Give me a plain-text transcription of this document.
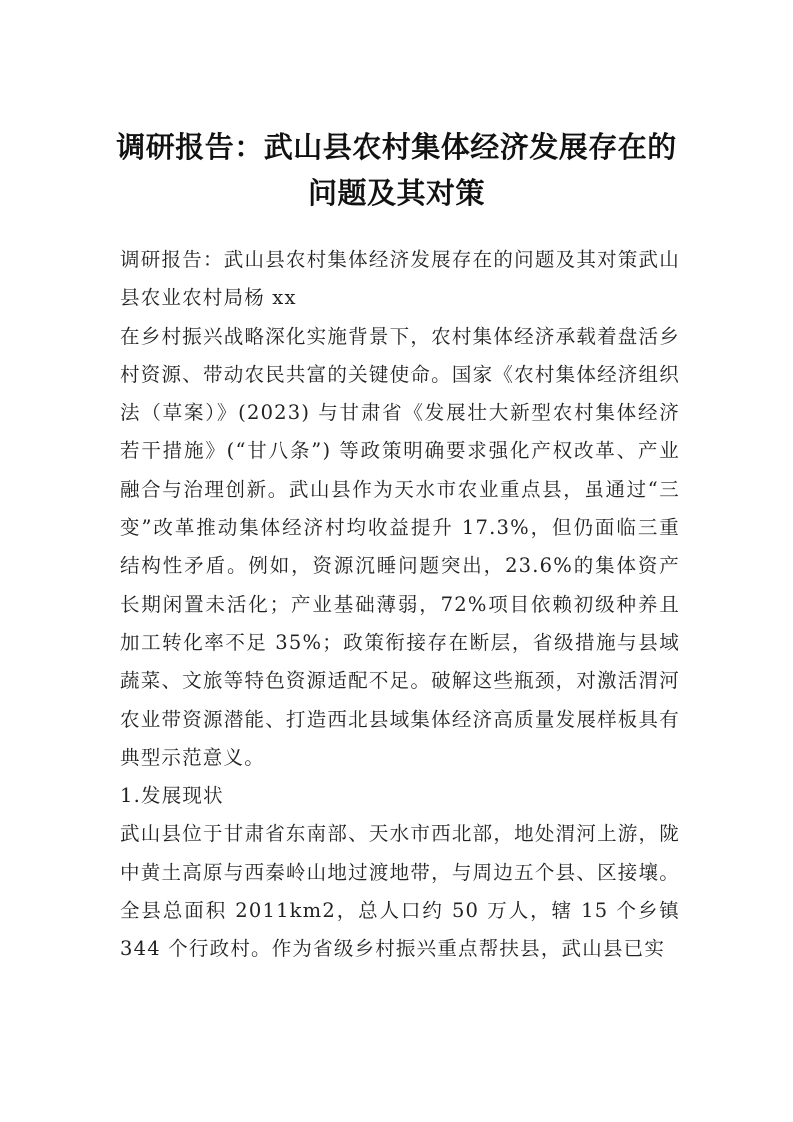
调研报告：武山县农村集体经济发展存在的
问题及其对策

调研报告：武山县农村集体经济发展存在的问题及其对策武山县农业农村局杨 xx

在乡村振兴战略深化实施背景下，农村集体经济承载着盘活乡村资源、带动农民共富的关键使命。国家《农村集体经济组织法（草案）》(2023) 与甘肃省《发展壮大新型农村集体经济若干措施》(“甘八条”) 等政策明确要求强化产权改革、产业融合与治理创新。武山县作为天水市农业重点县，虽通过“三变”改革推动集体经济村均收益提升 17.3%，但仍面临三重结构性矛盾。例如，资源沉睡问题突出，23.6%的集体资产长期闲置未活化；产业基础薄弱，72%项目依赖初级种养且加工转化率不足 35%；政策衔接存在断层，省级措施与县域蔬菜、文旅等特色资源适配不足。破解这些瓶颈，对激活渭河农业带资源潜能、打造西北县域集体经济高质量发展样板具有典型示范意义。

1.发展现状

武山县位于甘肃省东南部、天水市西北部，地处渭河上游，陇中黄土高原与西秦岭山地过渡地带，与周边五个县、区接壤。全县总面积 2011km2，总人口约 50 万人，辖 15 个乡镇 344 个行政村。作为省级乡村振兴重点帮扶县，武山县已实
